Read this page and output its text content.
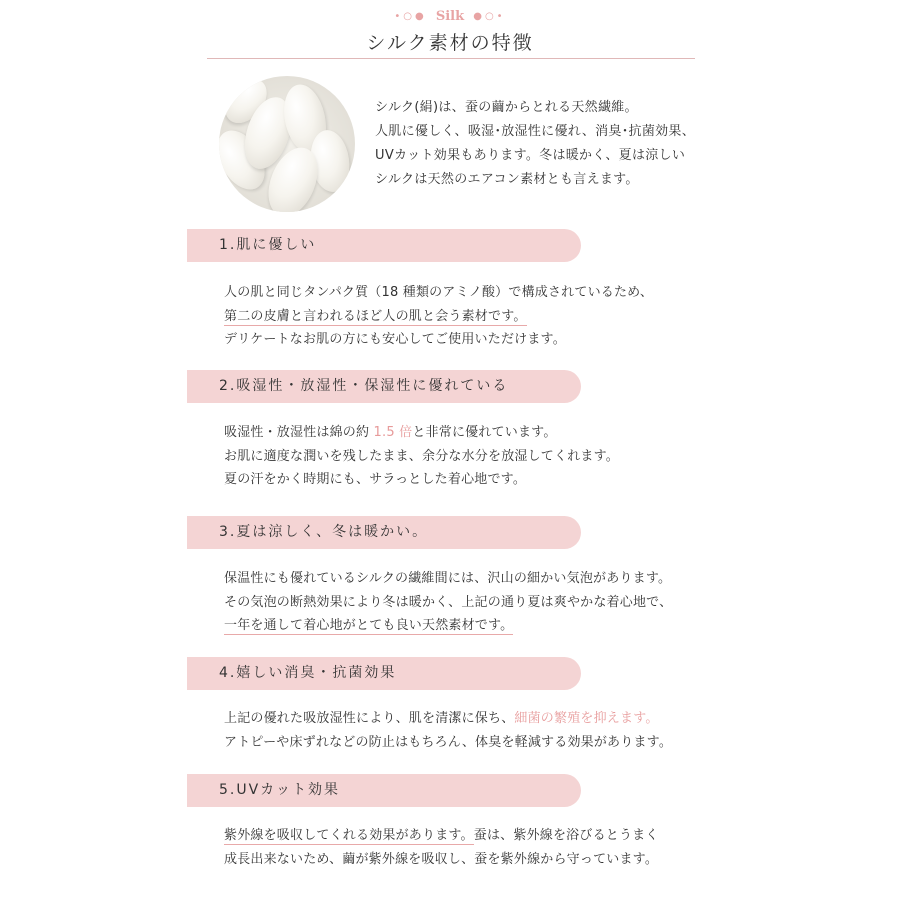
•○● Silk ●○•
シルク素材の特徴
シルク(絹)は、蚕の繭からとれる天然繊維。
人肌に優しく、吸湿･放湿性に優れ、消臭･抗菌効果、
UVカット効果もあります。冬は暖かく、夏は涼しい
シルクは天然のエアコン素材とも言えます。
1.肌に優しい
人の肌と同じタンパク質（18 種類のアミノ酸）で構成されているため、
第二の皮膚と言われるほど人の肌と会う素材です。
デリケートなお肌の方にも安心してご使用いただけます。
2.吸湿性・放湿性・保湿性に優れている
吸湿性・放湿性は綿の約 1.5 倍と非常に優れています。
お肌に適度な潤いを残したまま、余分な水分を放湿してくれます。
夏の汗をかく時期にも、サラっとした着心地です。
3.夏は涼しく、冬は暖かい。
保温性にも優れているシルクの繊維間には、沢山の細かい気泡があります。
その気泡の断熱効果により冬は暖かく、上記の通り夏は爽やかな着心地で、
一年を通して着心地がとても良い天然素材です。
4.嬉しい消臭・抗菌効果
上記の優れた吸放湿性により、肌を清潔に保ち、細菌の繁殖を抑えます。
アトピーや床ずれなどの防止はもちろん、体臭を軽減する効果があります。
5.UVカット効果
紫外線を吸収してくれる効果があります。蚕は、紫外線を浴びるとうまく
成長出来ないため、繭が紫外線を吸収し、蚕を紫外線から守っています。
